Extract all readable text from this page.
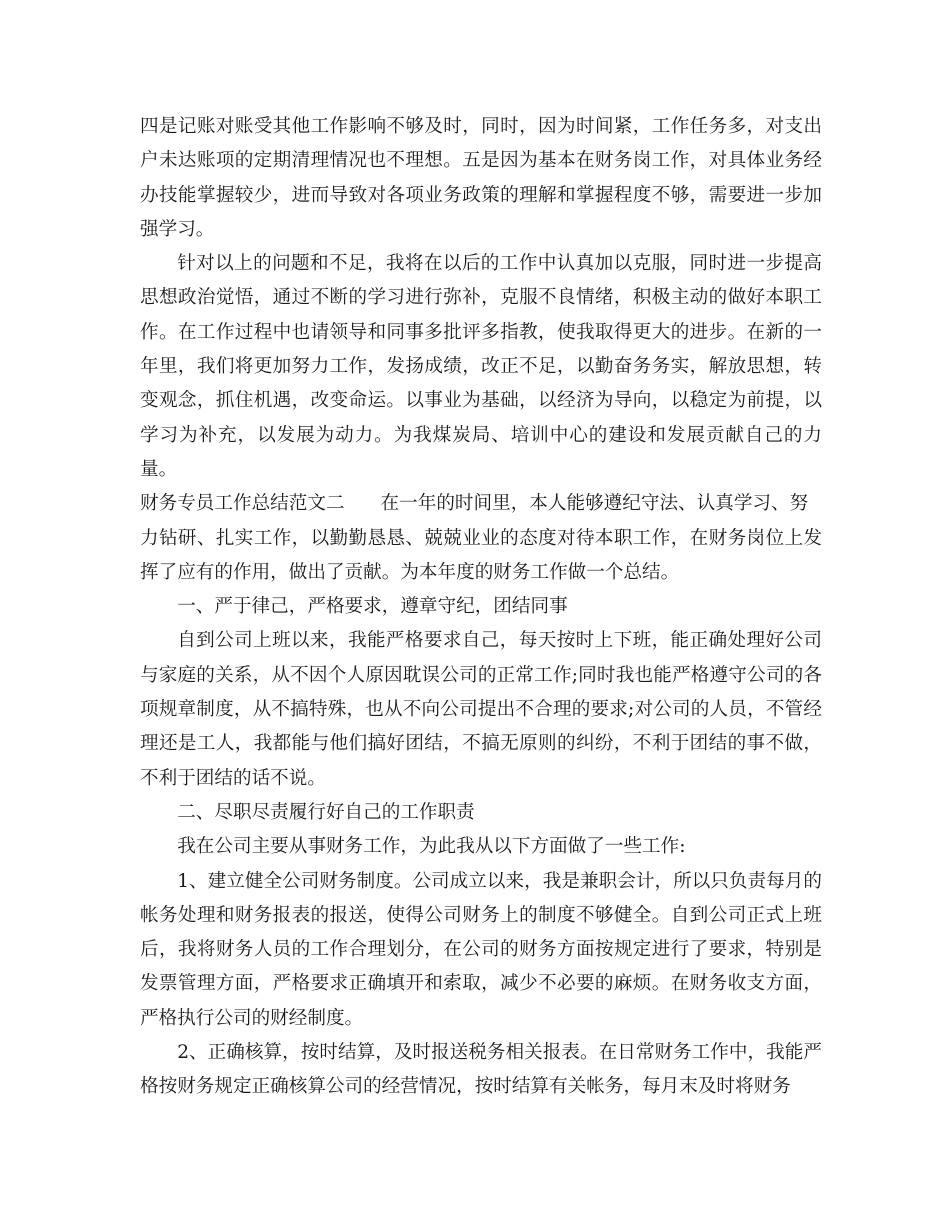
四是记账对账受其他工作影响不够及时，同时，因为时间紧，工作任务多，对支出户未达账项的定期清理情况也不理想。五是因为基本在财务岗工作，对具体业务经办技能掌握较少，进而导致对各项业务政策的理解和掌握程度不够，需要进一步加强学习。

针对以上的问题和不足，我将在以后的工作中认真加以克服，同时进一步提高思想政治觉悟，通过不断的学习进行弥补，克服不良情绪，积极主动的做好本职工作。在工作过程中也请领导和同事多批评多指教，使我取得更大的进步。在新的一年里，我们将更加努力工作，发扬成绩，改正不足，以勤奋务务实，解放思想，转变观念，抓住机遇，改变命运。以事业为基础，以经济为导向，以稳定为前提，以学习为补充，以发展为动力。为我煤炭局、培训中心的建设和发展贡献自己的力量。

财务专员工作总结范文二 在一年的时间里，本人能够遵纪守法、认真学习、努

力钻研、扎实工作，以勤勤恳恳、兢兢业业的态度对待本职工作，在财务岗位上发挥了应有的作用，做出了贡献。为本年度的财务工作做一个总结。

一、严于律己，严格要求，遵章守纪，团结同事

自到公司上班以来，我能严格要求自己，每天按时上下班，能正确处理好公司与家庭的关系，从不因个人原因耽误公司的正常工作;同时我也能严格遵守公司的各项规章制度，从不搞特殊，也从不向公司提出不合理的要求;对公司的人员，不管经理还是工人，我都能与他们搞好团结，不搞无原则的纠纷，不利于团结的事不做，不利于团结的话不说。

二、尽职尽责履行好自己的工作职责

我在公司主要从事财务工作，为此我从以下方面做了一些工作:

1、建立健全公司财务制度。公司成立以来，我是兼职会计，所以只负责每月的帐务处理和财务报表的报送，使得公司财务上的制度不够健全。自到公司正式上班后，我将财务人员的工作合理划分，在公司的财务方面按规定进行了要求，特别是发票管理方面，严格要求正确填开和索取，减少不必要的麻烦。在财务收支方面，严格执行公司的财经制度。

2、正确核算，按时结算，及时报送税务相关报表。在日常财务工作中，我能严格按财务规定正确核算公司的经营情况，按时结算有关帐务，每月末及时将财务
